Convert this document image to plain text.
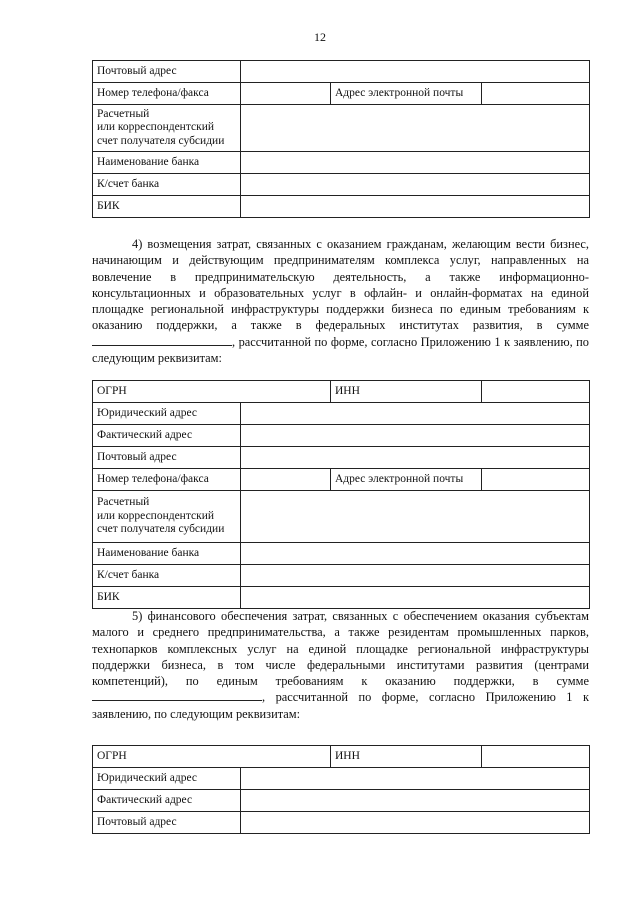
12
Почтовый адрес			
Номер телефона/факса		Адрес электронной почты	
Расчетный
или корреспондентский
счет получателя субсидии			
Наименование банка			
К/счет банка			
БИК			

4) возмещения затрат, связанных с оказанием гражданам, желающим вести бизнес, начинающим и действующим предпринимателям комплекса услуг, направленных на вовлечение в предпринимательскую деятельность, а также информационно-консультационных и образовательных услуг в офлайн- и онлайн-форматах на единой площадке региональной инфраструктуры поддержки бизнеса по единым требованиям к оказанию поддержки, а также в федеральных институтах развития, в сумме , рассчитанной по форме, согласно Приложению 1 к заявлению, по следующим реквизитам:

ОГРН		ИНН	
Юридический адрес			
Фактический адрес			
Почтовый адрес			
Номер телефона/факса		Адрес электронной почты	
Расчетный
или корреспондентский
счет получателя субсидии			
Наименование банка			
К/счет банка			
БИК			

5) финансового обеспечения затрат, связанных с обеспечением оказания субъектам малого и среднего предпринимательства, а также резидентам промышленных парков, технопарков комплексных услуг на единой площадке региональной инфраструктуры поддержки бизнеса, в том числе федеральными институтами развития (центрами компетенций), по единым требованиям к оказанию поддержки, в сумме , рассчитанной по форме, согласно Приложению 1 к заявлению, по следующим реквизитам:

ОГРН		ИНН	
Юридический адрес			
Фактический адрес			
Почтовый адрес			
